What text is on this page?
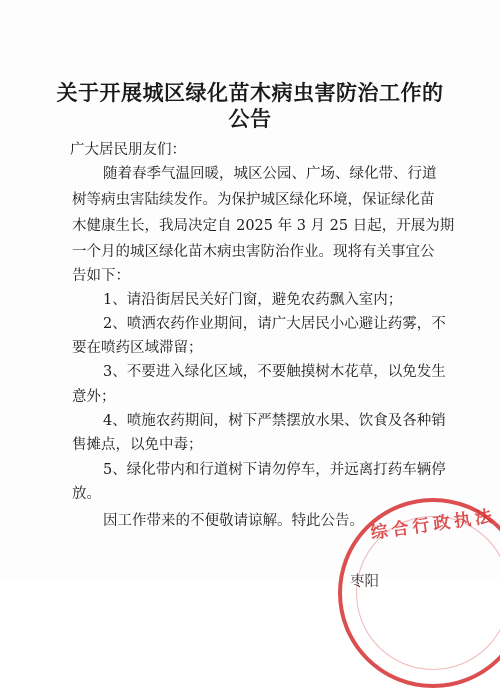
关于开展城区绿化苗木病虫害防治工作的
公告

广大居民朋友们：

随着春季气温回暖，城区公园、广场、绿化带、行道

树等病虫害陆续发作。为保护城区绿化环境，保证绿化苗

木健康生长，我局决定自 2025 年 3 月 25 日起，开展为期

一个月的城区绿化苗木病虫害防治作业。现将有关事宜公

告如下：

1、请沿街居民关好门窗，避免农药飘入室内；

2、喷洒农药作业期间，请广大居民小心避让药雾，不

要在喷药区域滞留；

3、不要进入绿化区域，不要触摸树木花草，以免发生

意外；

4、喷施农药期间，树下严禁摆放水果、饮食及各种销

售摊点，以免中毒；

5、绿化带内和行道树下请勿停车，并远离打药车辆停

放。

因工作带来的不便敬请谅解。特此公告。 综合行政执法
枣阳
